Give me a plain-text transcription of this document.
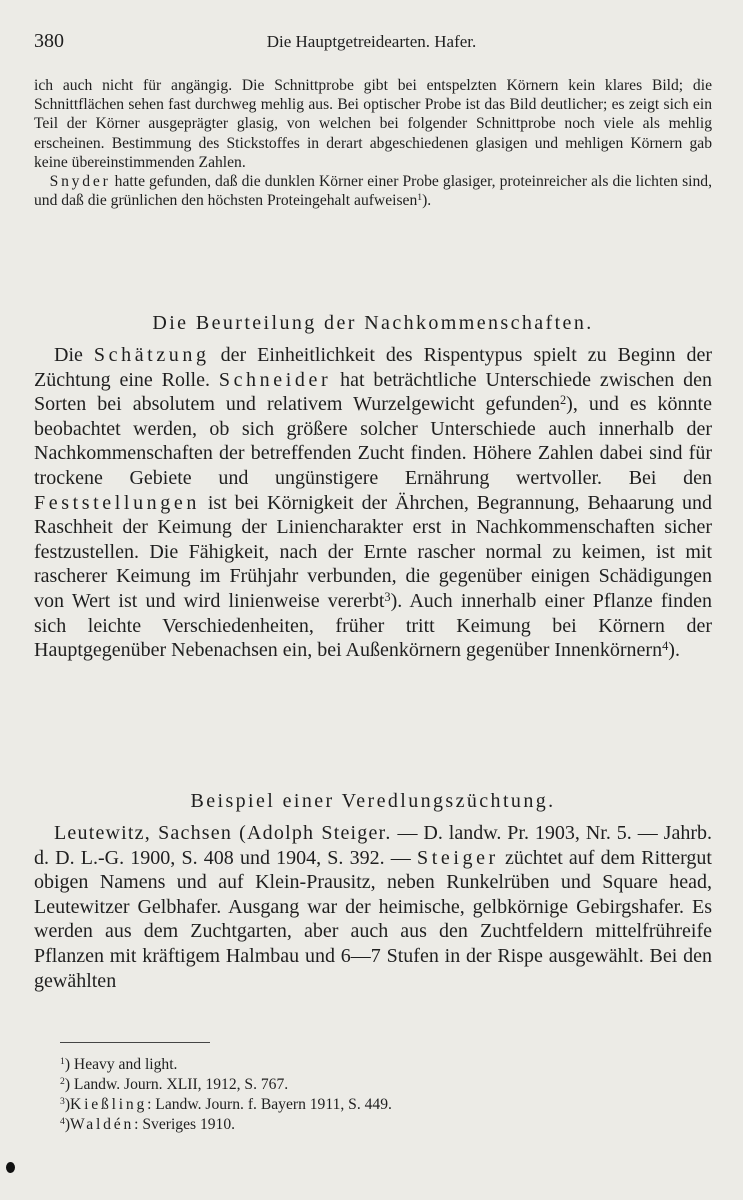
380	Die Hauptgetreidearten. Hafer.

ich auch nicht für angängig. Die Schnittprobe gibt bei entspelzten Körnern kein klares Bild; die Schnittflächen sehen fast durchweg mehlig aus. Bei optischer Probe ist das Bild deutlicher; es zeigt sich ein Teil der Körner ausgeprägter glasig, von welchen bei folgender Schnittprobe noch viele als mehlig erscheinen. Bestimmung des Stickstoffes in derart abgeschiedenen glasigen und mehligen Körnern gab keine übereinstimmenden Zahlen.

Snyder hatte gefunden, daß die dunklen Körner einer Probe glasiger, proteinreicher als die lichten sind, und daß die grünlichen den höchsten Proteingehalt aufweisen$^1$).

Die Beurteilung der Nachkommenschaften.

Die Schätzung der Einheitlichkeit des Rispentypus spielt zu Beginn der Züchtung eine Rolle. Schneider hat beträchtliche Unterschiede zwischen den Sorten bei absolutem und relativem Wurzelgewicht gefunden$^2$), und es könnte beobachtet werden, ob sich größere solcher Unterschiede auch innerhalb der Nachkommenschaften der betreffenden Zucht finden. Höhere Zahlen dabei sind für trockene Gebiete und ungünstigere Ernährung wertvoller. Bei den Feststellungen ist bei Körnigkeit der Ährchen, Begrannung, Behaarung und Raschheit der Keimung der Liniencharakter erst in Nachkommenschaften sicher festzustellen. Die Fähigkeit, nach der Ernte rascher normal zu keimen, ist mit rascherer Keimung im Frühjahr verbunden, die gegenüber einigen Schädigungen von Wert ist und wird linienweise vererbt$^3$). Auch innerhalb einer Pflanze finden sich leichte Verschiedenheiten, früher tritt Keimung bei Körnern der Hauptgegenüber Nebenachsen ein, bei Außenkörnern gegenüber Innenkörnern$^4$).

Beispiel einer Veredlungszüchtung.

Leutewitz, Sachsen (Adolph Steiger. — D. landw. Pr. 1903, Nr. 5. — Jahrb. d. D. L.-G. 1900, S. 408 und 1904, S. 392. — Steiger züchtet auf dem Rittergut obigen Namens und auf Klein-Prausitz, neben Runkelrüben und Square head, Leutewitzer Gelbhafer. Ausgang war der heimische, gelbkörnige Gebirgshafer. Es werden aus dem Zuchtgarten, aber auch aus den Zuchtfeldern mittelfrühreife Pflanzen mit kräftigem Halmbau und 6—7 Stufen in der Rispe ausgewählt. Bei den gewählten

$^1$) Heavy and light.
$^2$) Landw. Journ. XLII, 1912, S. 767.
$^3$)Kießling: Landw. Journ. f. Bayern 1911, S. 449.
$^4$)Waldén: Sveriges 1910.
